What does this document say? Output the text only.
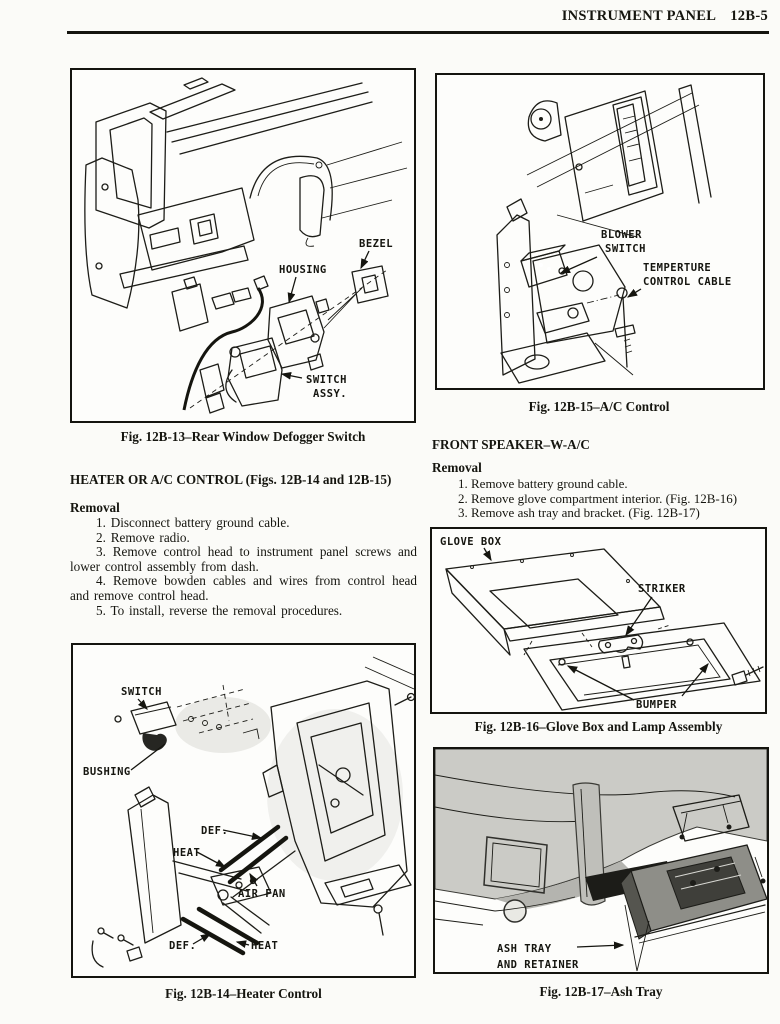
INSTRUMENT PANEL 12B-5
BEZEL
HOUSING
SWITCH
ASSY.
Fig. 12B-13–Rear Window Defogger Switch
HEATER OR A/C CONTROL (Figs. 12B-14 and 12B-15)
Removal

1. Disconnect battery ground cable.

2. Remove radio.

3. Remove control head to instrument panel screws and lower control assembly from dash.

4. Remove bowden cables and wires from control head and remove control head.

5. To install, reverse the removal procedures.

SWITCH
BUSHING
DEF.
HEAT
AIR FAN
DEF.	HEAT
Fig. 12B-14–Heater Control
BLOWER
SWITCH
TEMPERTURE
CONTROL CABLE
Fig. 12B-15–A/C Control
FRONT SPEAKER–W-A/C
Removal

1. Remove battery ground cable.

2. Remove glove compartment interior. (Fig. 12B-16)

3. Remove ash tray and bracket. (Fig. 12B-17)

GLOVE BOX
STRIKER
BUMPER
Fig. 12B-16–Glove Box and Lamp Assembly
ASH TRAY
AND RETAINER
Fig. 12B-17–Ash Tray
